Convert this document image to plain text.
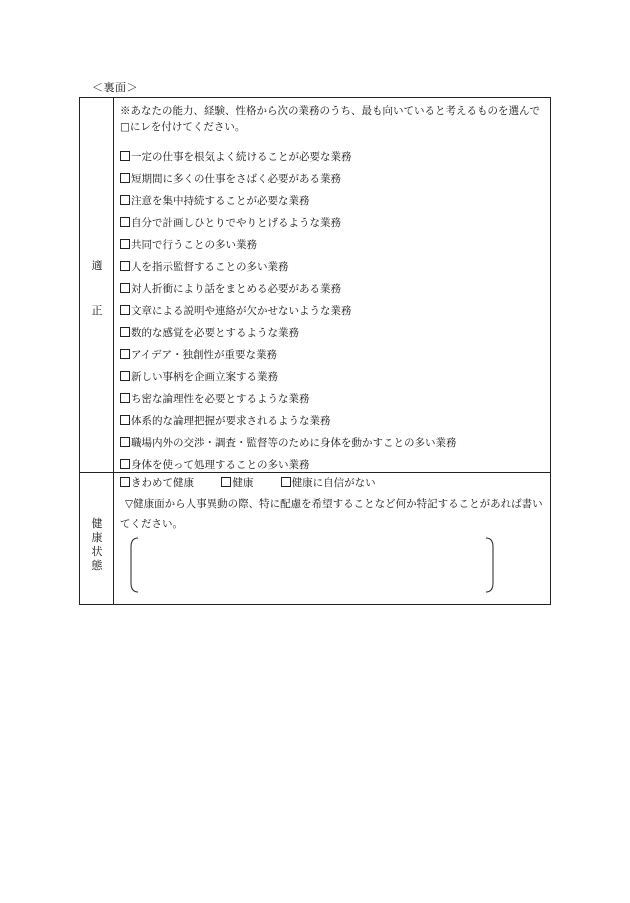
＜裏面＞
適
正
※あなたの能力、経験、性格から次の業務のうち、最も向いていると考えるものを選んで□にレを付けてください。
一定の仕事を根気よく続けることが必要な業務
短期間に多くの仕事をさばく必要がある業務
注意を集中持続することが必要な業務
自分で計画しひとりでやりとげるような業務
共同で行うことの多い業務
人を指示監督することの多い業務
対人折衝により話をまとめる必要がある業務
文章による説明や連絡が欠かせないような業務
数的な感覚を必要とするような業務
アイデア・独創性が重要な業務
新しい事柄を企画立案する業務
ち密な論理性を必要とするような業務
体系的な論理把握が要求されるような業務
職場内外の交渉・調査・監督等のために身体を動かすことの多い業務
身体を使って処理することの多い業務
健
康
状
態
きわめて健康	健康	健康に自信がない
▽健康面から人事異動の際、特に配慮を希望することなど何か特記することがあれば書いてください。
